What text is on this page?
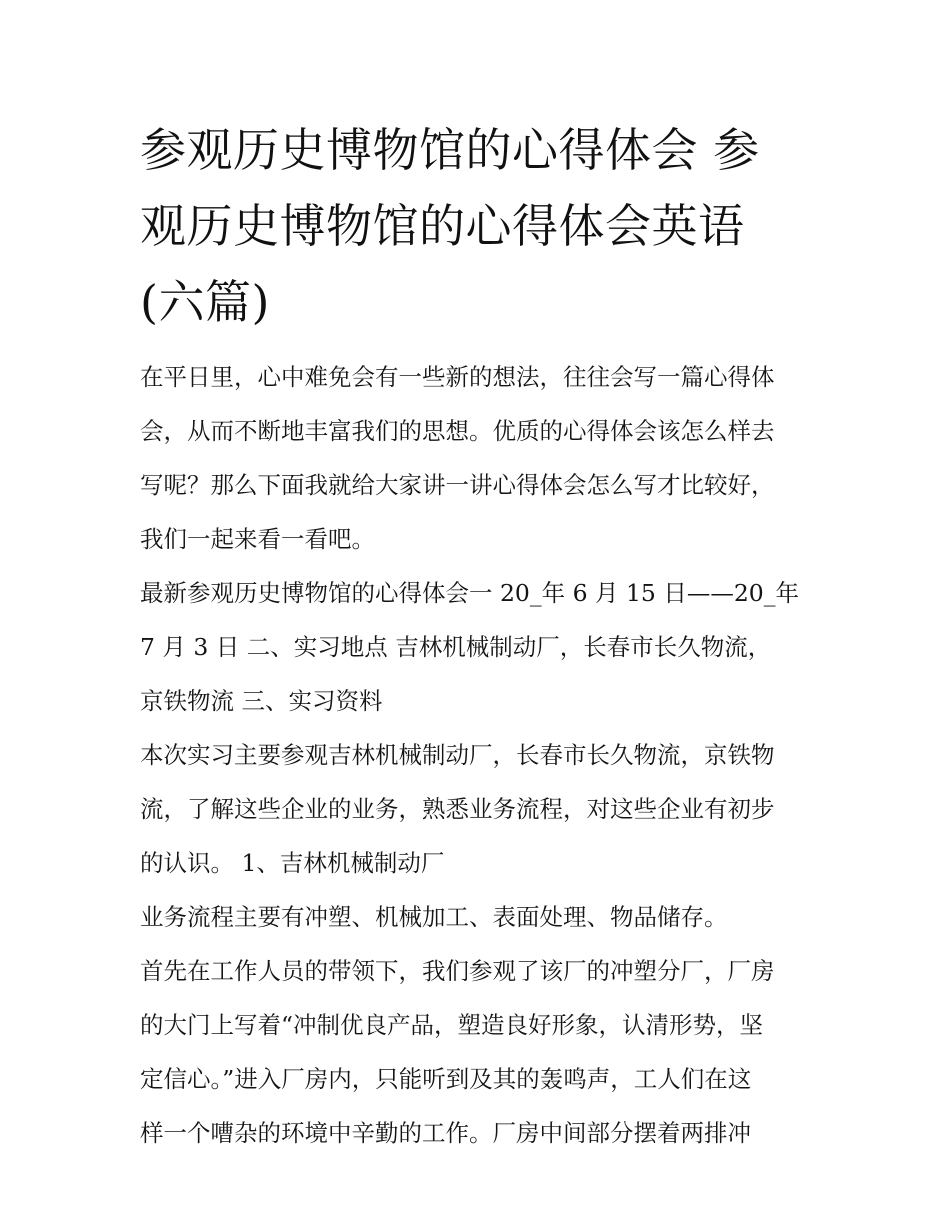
参观历史博物馆的心得体会 参
观历史博物馆的心得体会英语
(六篇)
在平日里，心中难免会有一些新的想法，往往会写一篇心得体
会，从而不断地丰富我们的思想。优质的心得体会该怎么样去
写呢？那么下面我就给大家讲一讲心得体会怎么写才比较好，
我们一起来看一看吧。
最新参观历史博物馆的心得体会一 20_年 6 月 15 日——20_年
7 月 3 日 二、实习地点 吉林机械制动厂，长春市长久物流，
京铁物流 三、实习资料
本次实习主要参观吉林机械制动厂，长春市长久物流，京铁物
流，了解这些企业的业务，熟悉业务流程，对这些企业有初步
的认识。 1、吉林机械制动厂
业务流程主要有冲塑、机械加工、表面处理、物品储存。
首先在工作人员的带领下，我们参观了该厂的冲塑分厂，厂房
的大门上写着“冲制优良产品，塑造良好形象，认清形势，坚
定信心。”进入厂房内，只能听到及其的轰鸣声，工人们在这
样一个嘈杂的环境中辛勤的工作。厂房中间部分摆着两排冲
